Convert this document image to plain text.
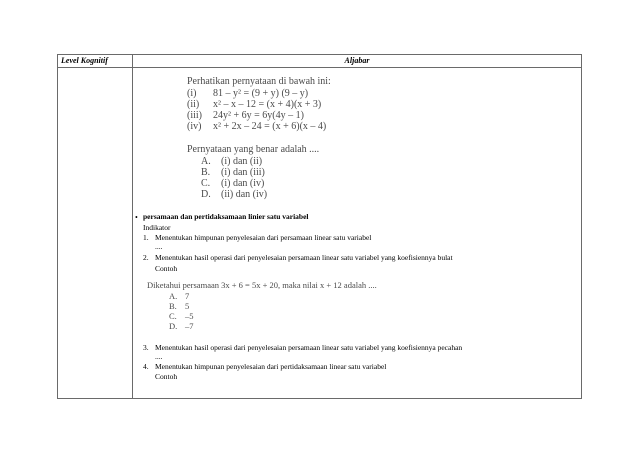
Level Kognitif	Aljabar
Perhatikan pernyataan di bawah ini:
(i) 81 – y² = (9 + y) (9 – y)
(ii) x² – x – 12 = (x + 4)(x + 3)
(iii) 24y² + 6y = 6y(4y – 1)
(iv) x² + 2x – 24 = (x + 6)(x – 4)
Pernyataan yang benar adalah ....
A. (i) dan (ii)
B. (i) dan (iii)
C. (i) dan (iv)
D. (ii) dan (iv)
• persamaan dan pertidaksamaan linier satu variabel
Indikator
1. Menentukan himpunan penyelesaian dari persamaan linear satu variabel
....
2. Menentukan hasil operasi dari penyelesaian persamaan linear satu variabel yang koefisiennya bulat
Contoh
Diketahui persamaan 3x + 6 = 5x + 20, maka nilai x + 12 adalah ....
A. 7
B. 5
C. –5
D. –7
3. Menentukan hasil operasi dari penyelesaian persamaan linear satu variabel yang koefisiennya pecahan
....
4. Menentukan himpunan penyelesaian dari pertidaksamaan linear satu variabel
Contoh
